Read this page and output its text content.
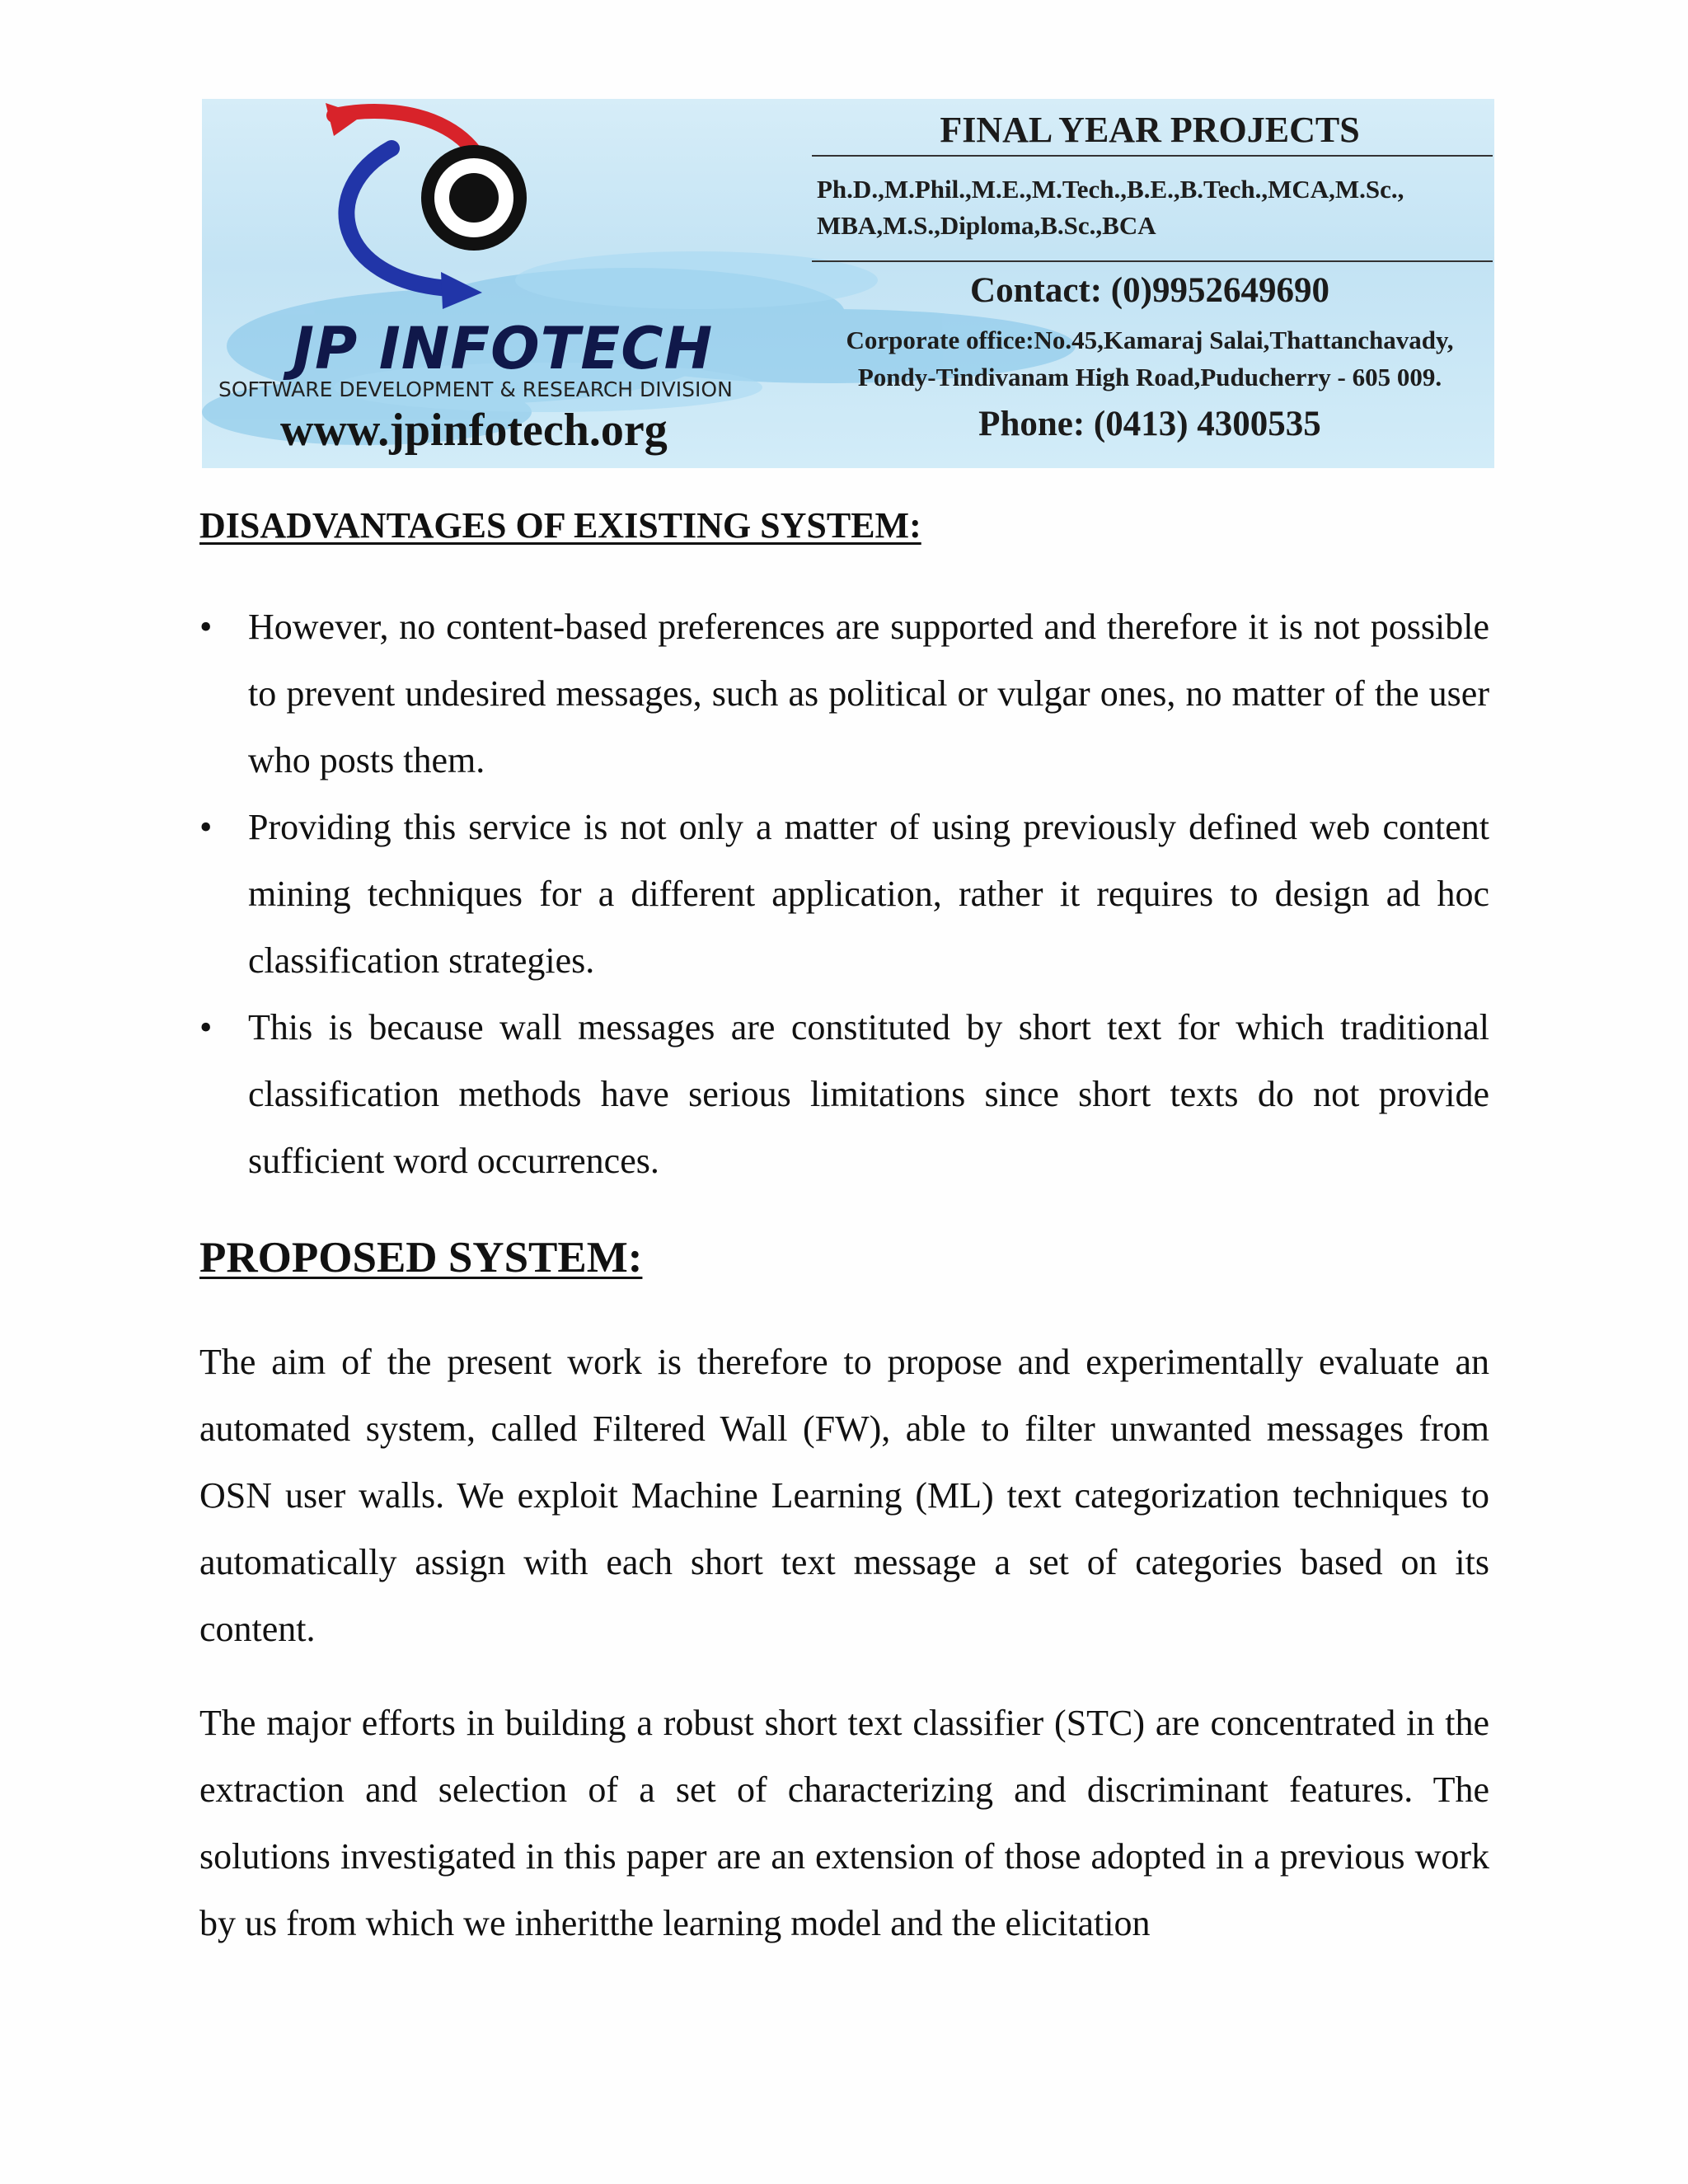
JP INFOTECH
SOFTWARE DEVELOPMENT & RESEARCH DIVISION
www.jpinfotech.org
FINAL YEAR PROJECTS
Ph.D.,M.Phil.,M.E.,M.Tech.,B.E.,B.Tech.,MCA,M.Sc.,
MBA,M.S.,Diploma,B.Sc.,BCA
Contact: (0)9952649690
Corporate office:No.45,Kamaraj Salai,Thattanchavady,
Pondy-Tindivanam High Road,Puducherry - 605 009.
Phone: (0413) 4300535
DISADVANTAGES OF EXISTING SYSTEM:
• However, no content-based preferences are supported and therefore it is not possible to prevent undesired messages, such as political or vulgar ones, no matter of the user who posts them.
• Providing this service is not only a matter of using previously defined web content mining techniques for a different application, rather it requires to design ad hoc classification strategies.
• This is because wall messages are constituted by short text for which traditional classification methods have serious limitations since short texts do not provide sufficient word occurrences.
PROPOSED SYSTEM:

The aim of the present work is therefore to propose and experimentally evaluate an automated system, called Filtered Wall (FW), able to filter unwanted messages from OSN user walls. We exploit Machine Learning (ML) text categorization techniques to automatically assign with each short text message a set of categories based on its content.

The major efforts in building a robust short text classifier (STC) are concentrated in the extraction and selection of a set of characterizing and discriminant features. The solutions investigated in this paper are an extension of those adopted in a previous work by us from which we inheritthe learning model and the elicitation
